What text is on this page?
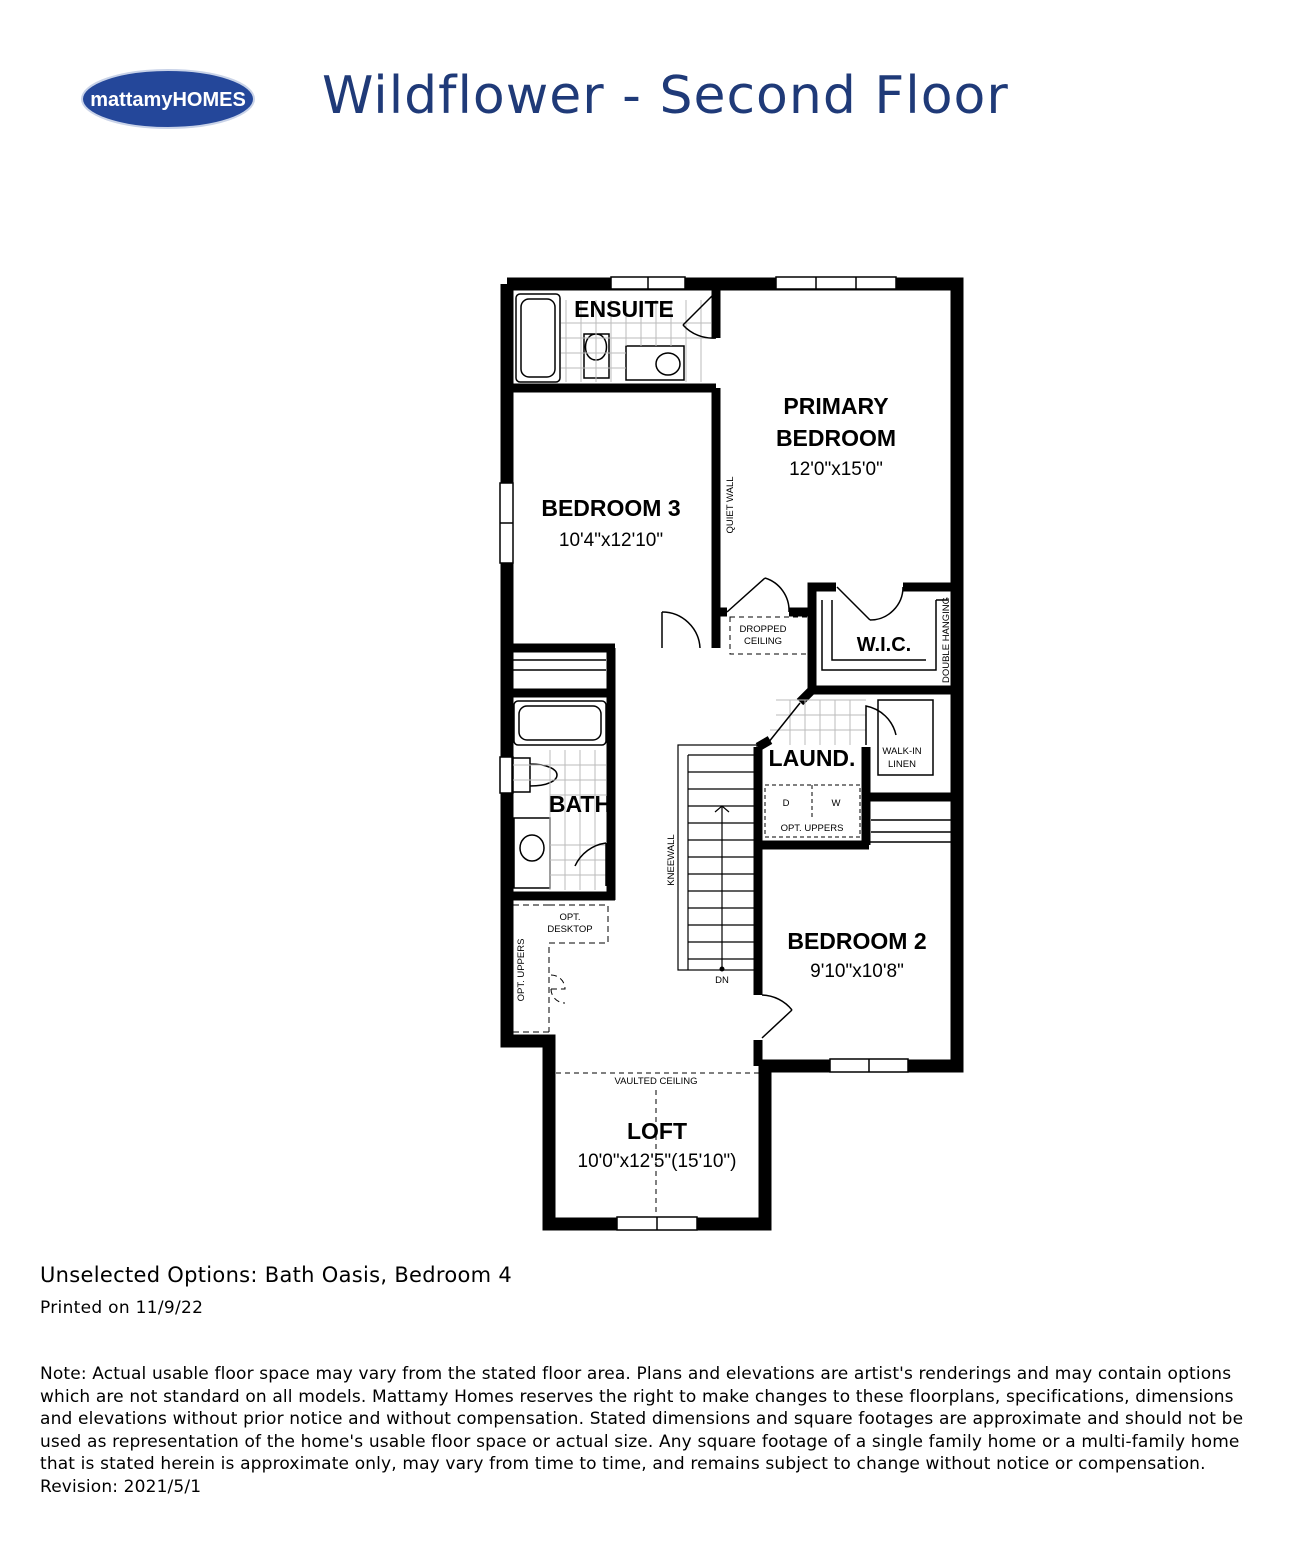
mattamyHOMES Wildflower - Second Floor
ENSUITE
PRIMARY
BEDROOM
12'0"x15'0"
BEDROOM 3
10'4"x12'10"
W.I.C.
LAUND.	WALK-IN
LINEN
BATH
BEDROOM 2
9'10"x10'8"
LOFT
10'0"x12'5"(15'10")
QUIET WALL
DROPPED
CEILING	DOUBLE HANGING
D	W
OPT. UPPERS
KNEEWALL
DN
OPT.
DESKTOP
OPT. UPPERS
VAULTED CEILING
Unselected Options: Bath Oasis, Bedroom 4
Printed on 11/9/22
Note: Actual usable floor space may vary from the stated floor area. Plans and elevations are artist's renderings and may contain options which are not standard on all models. Mattamy Homes reserves the right to make changes to these floorplans, specifications, dimensions and elevations without prior notice and without compensation. Stated dimensions and square footages are approximate and should not be used as representation of the home's usable floor space or actual size. Any square footage of a single family home or a multi-family home that is stated herein is approximate only, may vary from time to time, and remains subject to change without notice or compensation. Revision: 2021/5/1
